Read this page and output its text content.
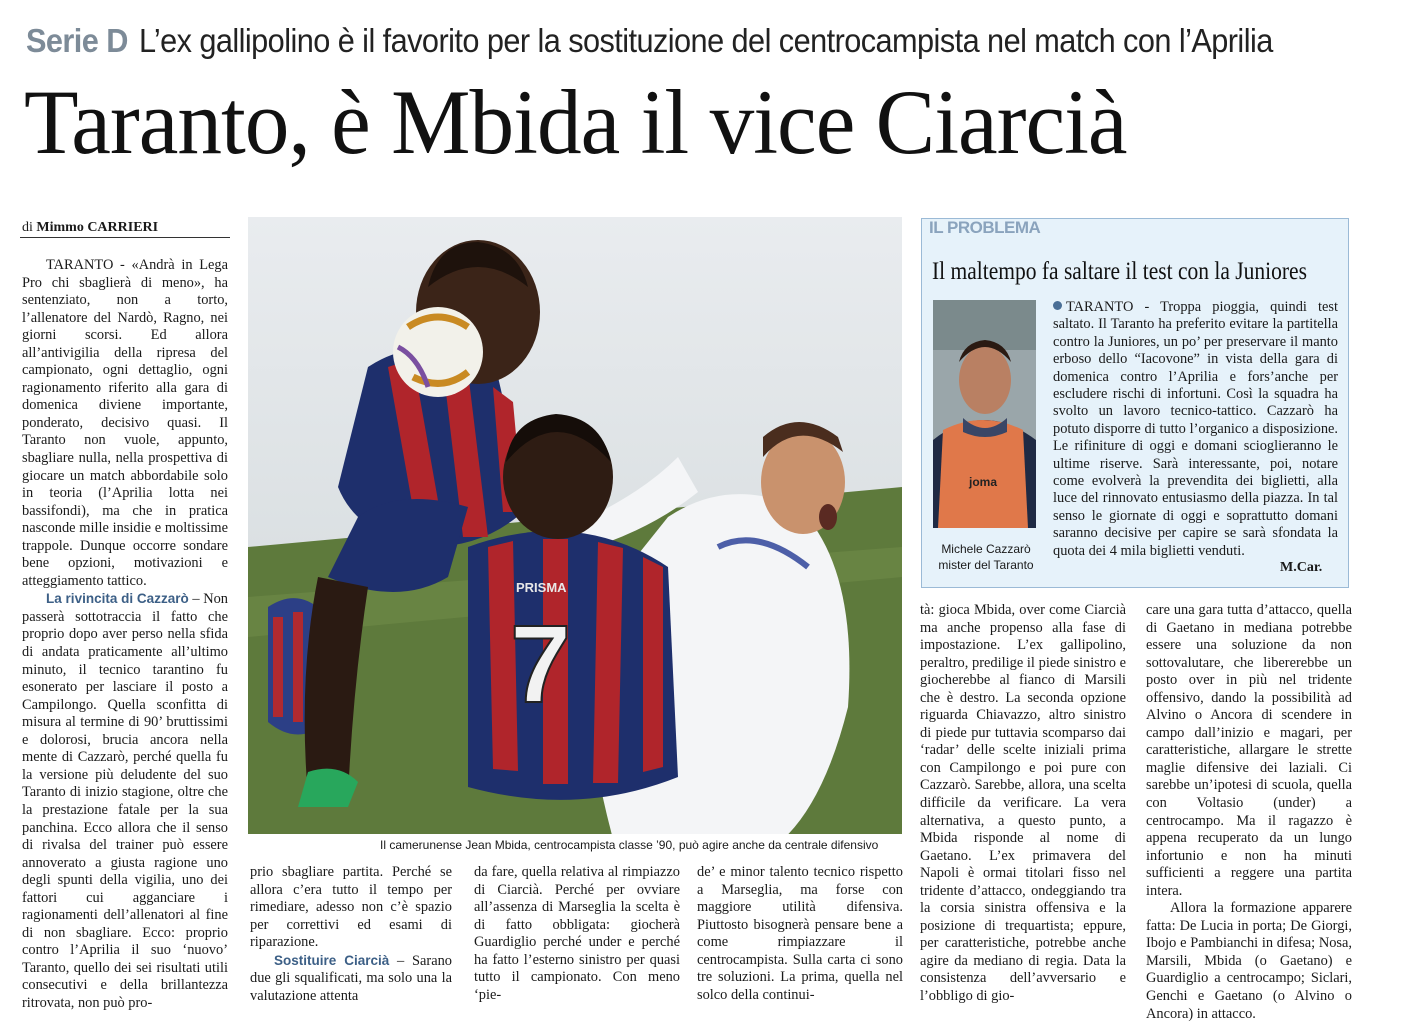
Serie D L’ex gallipolino è il favorito per la sostituzione del centrocampista nel match con l’Aprilia
Taranto, è Mbida il vice Ciarcià
di Mimmo CARRIERI

TARANTO - «Andrà in Lega Pro chi sbaglierà di meno», ha sentenziato, non a torto, l’allenatore del Nardò, Ragno, nei giorni scorsi. Ed allora all’antivigilia della ripresa del campionato, ogni dettaglio, ogni ragionamento riferito alla gara di domenica diviene importante, ponderato, decisivo quasi. Il Taranto non vuole, appunto, sbagliare nulla, nella prospettiva di giocare un match abbordabile solo in teoria (l’Aprilia lotta nei bassifondi), ma che in pratica nasconde mille insidie e moltissime trappole. Dunque occorre sondare bene opzioni, motivazioni e atteggiamento tattico.

La rivincita di Cazzarò – Non passerà sottotraccia il fatto che proprio dopo aver perso nella sfida di andata praticamente all’ultimo minuto, il tecnico tarantino fu esonerato per lasciare il posto a Campilongo. Quella sconfitta di misura al termine di 90’ bruttissimi e dolorosi, brucia ancora nella mente di Cazzarò, perché quella fu la versione più deludente del suo Taranto di inizio stagione, oltre che la prestazione fatale per la sua panchina. Ecco allora che il senso di rivalsa del trainer può essere annoverato a giusta ragione uno degli spunti della vigilia, uno dei fattori cui agganciare i ragionamenti dell’allenatori al fine di non sbagliare. Ecco: proprio contro l’Aprilia il suo ‘nuovo’ Taranto, quello dei sei risultati utili consecutivi e della brillantezza ritrovata, non può pro-

PRISMA
7
Il camerunense Jean Mbida, centrocampista classe ’90, può agire anche da centrale difensivo

prio sbagliare partita. Perché se allora c’era tutto il tempo per rimediare, adesso non c’è spazio per correttivi ed esami di riparazione.

Sostituire Ciarcià – Sarano due gli squalificati, ma solo una la valutazione attenta

da fare, quella relativa al rimpiazzo di Ciarcià. Perché per ovviare all’assenza di Marseglia la scelta è di fatto obbligata: giocherà Guardiglio perché under e perché ha fatto l’esterno sinistro per quasi tutto il campionato. Con meno ‘pie-

de’ e minor talento tecnico rispetto a Marseglia, ma forse con maggiore utilità difensiva. Piuttosto bisognerà pensare bene a come rimpiazzare il centrocampista. Sulla carta ci sono tre soluzioni. La prima, quella nel solco della continui-

tà: gioca Mbida, over come Ciarcià ma anche propenso alla fase di impostazione. L’ex gallipolino, peraltro, predilige il piede sinistro e giocherebbe al fianco di Marsili che è destro. La seconda opzione riguarda Chiavazzo, altro sinistro di piede pur tuttavia scomparso dai ‘radar’ delle scelte iniziali prima con Campilongo e poi pure con Cazzarò. Sarebbe, allora, una scelta difficile da verificare. La vera alternativa, a questo punto, a Mbida risponde al nome di Gaetano. L’ex primavera del Napoli è ormai titolari fisso nel tridente d’attacco, ondeggiando tra la corsia sinistra offensiva e la posizione di trequartista; eppure, per caratteristiche, potrebbe anche agire da mediano di regia. Data la consistenza dell’avversario e l’obbligo di gio-

care una gara tutta d’attacco, quella di Gaetano in mediana potrebbe essere una soluzione da non sottovalutare, che libererebbe un posto over in più nel tridente offensivo, dando la possibilità ad Alvino o Ancora di scendere in campo dall’inizio e magari, per caratteristiche, allargare le strette maglie difensive dei laziali. Ci sarebbe un’ipotesi di scuola, quella con Voltasio (under) a centrocampo. Ma il ragazzo è appena recuperato da un lungo infortunio e non ha minuti sufficienti a reggere una partita intera.

Allora la formazione apparere fatta: De Lucia in porta; De Giorgi, Ibojo e Pambianchi in difesa; Nosa, Marsili, Mbida (o Gaetano) e Guardiglio a centrocampo; Siclari, Genchi e Gaetano (o Alvino o Ancora) in attacco.

IL PROBLEMA
Il maltempo fa saltare il test con la Juniores
joma
Michele Cazzarò
mister del Taranto
TARANTO - Troppa pioggia, quindi test saltato. Il Taranto ha preferito evitare la partitella contro la Juniores, un po’ per preservare il manto erboso dello “Iacovone” in vista della gara di domenica contro l’Aprilia e fors’anche per escludere rischi di infortuni. Così la squadra ha svolto un lavoro tecnico-tattico. Cazzarò ha potuto disporre di tutto l’organico a disposizione. Le rifiniture di oggi e domani scioglieranno le ultime riserve. Sarà interessante, poi, notare come evolverà la prevendita dei biglietti, alla luce del rinnovato entusiasmo della piazza. In tal senso le giornate di oggi e soprattutto domani saranno decisive per capire se sarà sfondata la quota dei 4 mila biglietti venduti.
M.Car.
